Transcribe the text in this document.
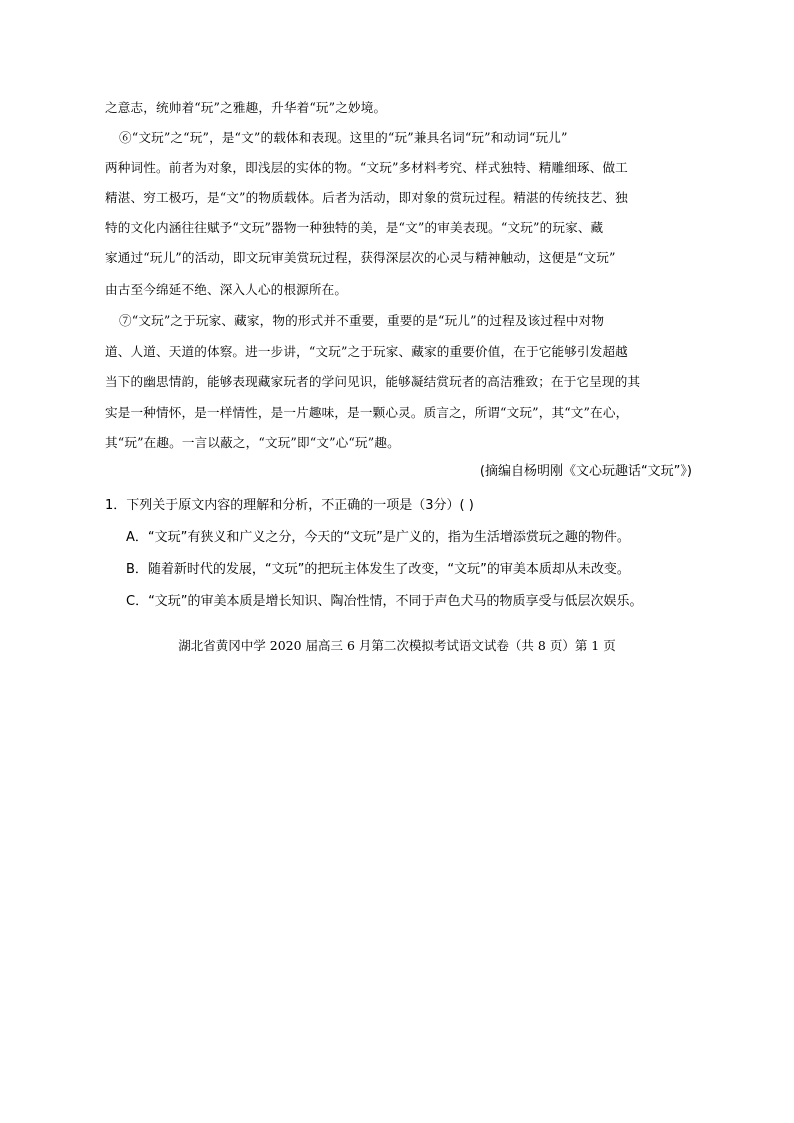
之意志，统帅着“玩”之雅趣，升华着“玩”之妙境。
⑥“文玩”之“玩”，是“文”的载体和表现。这里的“玩”兼具名词“玩”和动词“玩儿”
两种词性。前者为对象，即浅层的实体的物。“文玩”多材料考究、样式独特、精雕细琢、做工
精湛、穷工极巧，是“文”的物质载体。后者为活动，即对象的赏玩过程。精湛的传统技艺、独
特的文化内涵往往赋予“文玩”器物一种独特的美，是“文”的审美表现。“文玩”的玩家、藏
家通过“玩儿”的活动，即文玩审美赏玩过程，获得深层次的心灵与精神触动，这便是“文玩”
由古至今绵延不绝、深入人心的根源所在。
⑦“文玩”之于玩家、藏家，物的形式并不重要，重要的是“玩儿”的过程及该过程中对物
道、人道、天道的体察。进一步讲，“文玩”之于玩家、藏家的重要价值，在于它能够引发超越
当下的幽思情韵，能够表现藏家玩者的学问见识，能够凝结赏玩者的高洁雅致；在于它呈现的其
实是一种情怀，是一样情性，是一片趣味，是一颗心灵。质言之，所谓“文玩”，其“文”在心，
其“玩”在趣。一言以蔽之，“文玩”即“文”心“玩”趣。
(摘编自杨明刚《文心玩趣话“文玩”》)
1．下列关于原文内容的理解和分析，不正确的一项是（3分）( )
A．“文玩”有狭义和广义之分，今天的“文玩”是广义的，指为生活增添赏玩之趣的物件。
B．随着新时代的发展，“文玩”的把玩主体发生了改变，“文玩”的审美本质却从未改变。
C．“文玩”的审美本质是增长知识、陶冶性情，不同于声色犬马的物质享受与低层次娱乐。
湖北省黄冈中学 2020 届高三 6 月第二次模拟考试语文试卷（共 8 页）第 1 页
